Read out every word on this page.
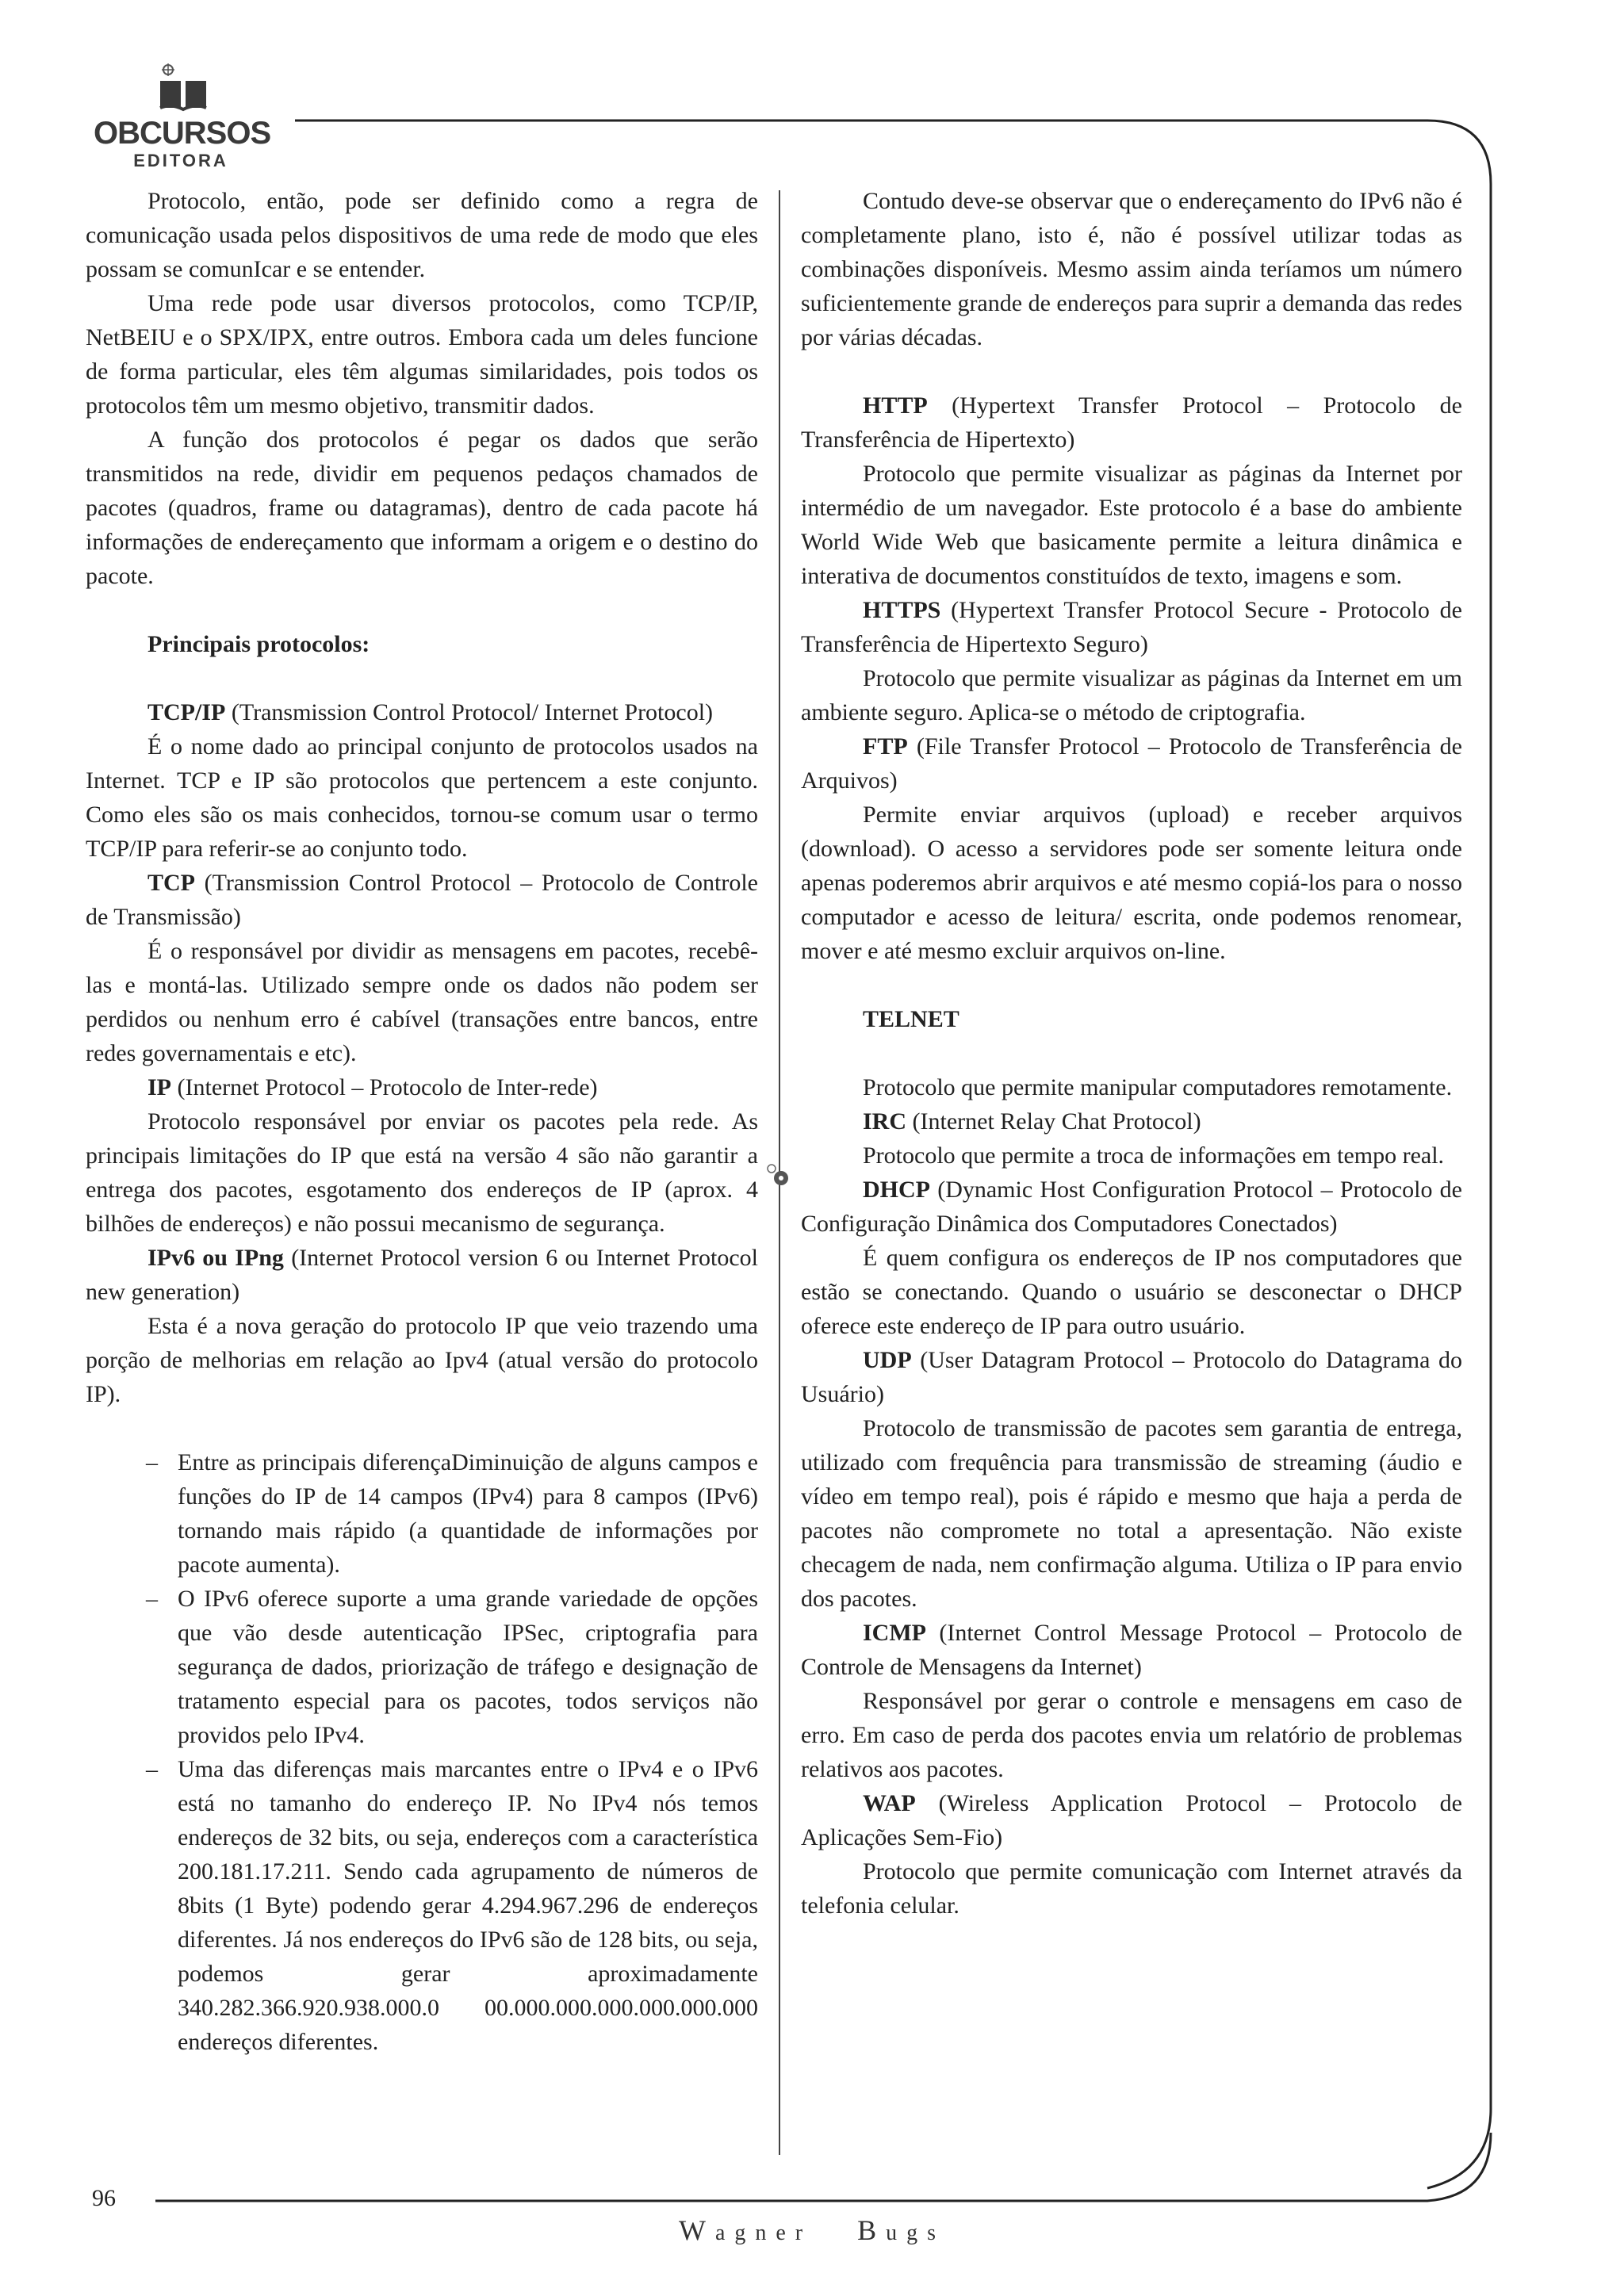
OBCURSOS
EDITORA

Protocolo, então, pode ser definido como a regra de comunicação usada pelos dispositivos de uma rede de modo que eles possam se comunIcar e se entender.

Uma rede pode usar diversos protocolos, como TCP/IP, NetBEIU e o SPX/IPX, entre outros. Embora cada um deles funcione de forma particular, eles têm algumas similaridades, pois todos os protocolos têm um mesmo objetivo, transmitir dados.

A função dos protocolos é pegar os dados que serão transmitidos na rede, dividir em pequenos pedaços chamados de pacotes (quadros, frame ou datagramas), dentro de cada pacote há informações de endereçamento que informam a origem e o destino do pacote.

Principais protocolos:

TCP/IP (Transmission Control Protocol/ Internet Protocol)

É o nome dado ao principal conjunto de protocolos usados na Internet. TCP e IP são protocolos que pertencem a este conjunto. Como eles são os mais conhecidos, tornou-se comum usar o termo TCP/IP para referir-se ao conjunto todo.

TCP (Transmission Control Protocol – Protocolo de Controle de Transmissão)

É o responsável por dividir as mensagens em pacotes, recebê-las e montá-las. Utilizado sempre onde os dados não podem ser perdidos ou nenhum erro é cabível (transações entre bancos, entre redes governamentais e etc).

IP (Internet Protocol – Protocolo de Inter-rede)

Protocolo responsável por enviar os pacotes pela rede. As principais limitações do IP que está na versão 4 são não garantir a entrega dos pacotes, esgotamento dos endereços de IP (aprox. 4 bilhões de endereços) e não possui mecanismo de segurança.

IPv6 ou IPng (Internet Protocol version 6 ou Internet Protocol new generation)

Esta é a nova geração do protocolo IP que veio trazendo uma porção de melhorias em relação ao Ipv4 (atual versão do protocolo IP).

– Entre as principais diferençaDiminuição de alguns campos e funções do IP de 14 campos (IPv4) para 8 campos (IPv6) tornando mais rápido (a quantidade de informações por pacote aumenta).
– O IPv6 oferece suporte a uma grande variedade de opções que vão desde autenticação IPSec, criptografia para segurança de dados, priorização de tráfego e designação de tratamento especial para os pacotes, todos serviços não providos pelo IPv4.
– Uma das diferenças mais marcantes entre o IPv4 e o IPv6 está no tamanho do endereço IP. No IPv4 nós temos endereços de 32 bits, ou seja, endereços com a característica 200.181.17.211. Sendo cada agrupamento de números de 8bits (1 Byte) podendo gerar 4.294.967.296 de endereços diferentes. Já nos endereços do IPv6 são de 128 bits, ou seja, podemos gerar aproximadamente 340.282.366.920.938.000.0 00.000.000.000.000.000.000 endereços diferentes.

Contudo deve-se observar que o endereçamento do IPv6 não é completamente plano, isto é, não é possível utilizar todas as combinações disponíveis. Mesmo assim ainda teríamos um número suficientemente grande de endereços para suprir a demanda das redes por várias décadas.

HTTP (Hypertext Transfer Protocol – Protocolo de Transferência de Hipertexto)

Protocolo que permite visualizar as páginas da Internet por intermédio de um navegador. Este protocolo é a base do ambiente World Wide Web que basicamente permite a leitura dinâmica e interativa de documentos constituídos de texto, imagens e som.

HTTPS (Hypertext Transfer Protocol Secure - Protocolo de Transferência de Hipertexto Seguro)

Protocolo que permite visualizar as páginas da Internet em um ambiente seguro. Aplica-se o método de criptografia.

FTP (File Transfer Protocol – Protocolo de Transferência de Arquivos)

Permite enviar arquivos (upload) e receber arquivos (download). O acesso a servidores pode ser somente leitura onde apenas poderemos abrir arquivos e até mesmo copiá-los para o nosso computador e acesso de leitura/ escrita, onde podemos renomear, mover e até mesmo excluir arquivos on-line.

TELNET

Protocolo que permite manipular computadores remotamente.

IRC (Internet Relay Chat Protocol)

Protocolo que permite a troca de informações em tempo real.

DHCP (Dynamic Host Configuration Protocol – Protocolo de Configuração Dinâmica dos Computadores Conectados)

É quem configura os endereços de IP nos computadores que estão se conectando. Quando o usuário se desconectar o DHCP oferece este endereço de IP para outro usuário.

UDP (User Datagram Protocol – Protocolo do Datagrama do Usuário)

Protocolo de transmissão de pacotes sem garantia de entrega, utilizado com frequência para transmissão de streaming (áudio e vídeo em tempo real), pois é rápido e mesmo que haja a perda de pacotes não compromete no total a apresentação. Não existe checagem de nada, nem confirmação alguma. Utiliza o IP para envio dos pacotes.

ICMP (Internet Control Message Protocol – Protocolo de Controle de Mensagens da Internet)

Responsável por gerar o controle e mensagens em caso de erro. Em caso de perda dos pacotes envia um relatório de problemas relativos aos pacotes.

WAP (Wireless Application Protocol – Protocolo de Aplicações Sem-Fio)

Protocolo que permite comunicação com Internet através da telefonia celular.

96
Wagner Bugs
